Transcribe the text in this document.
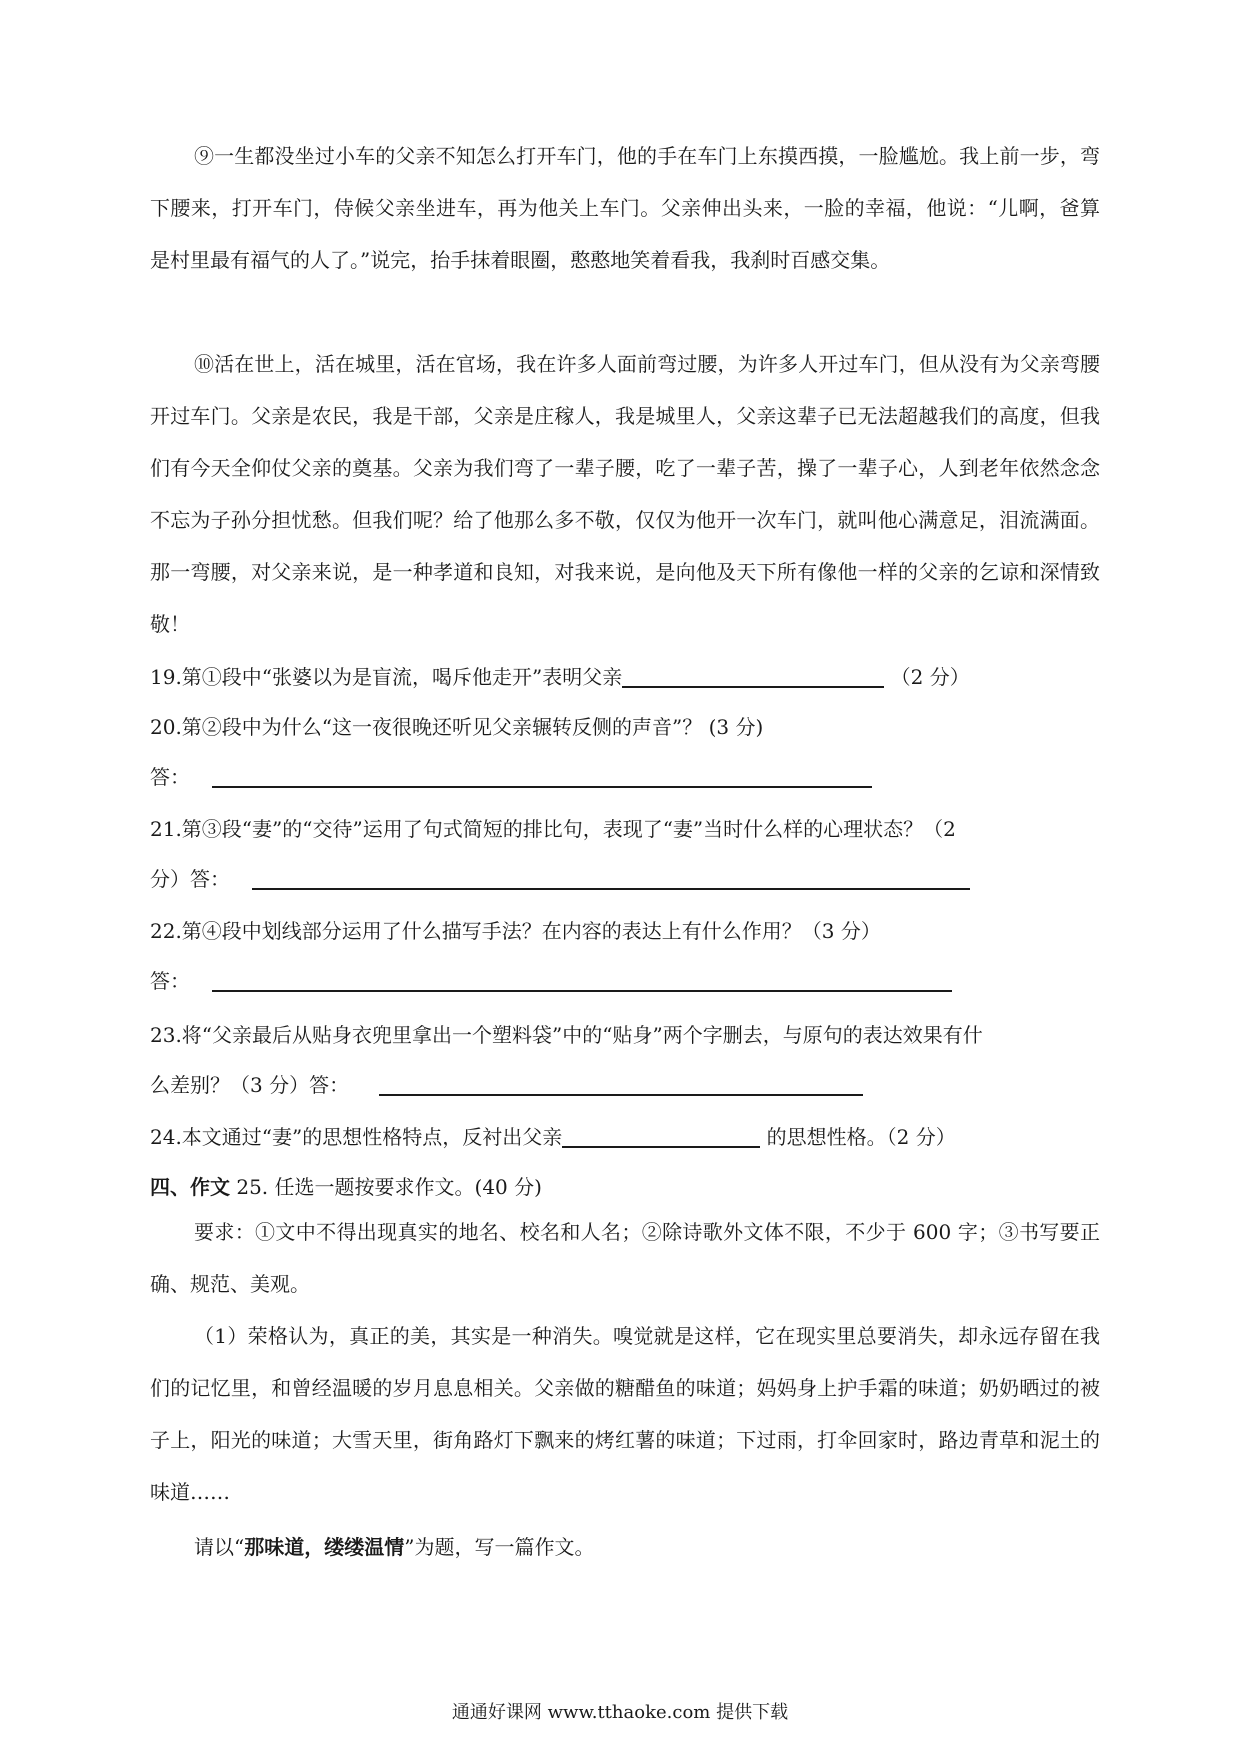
⑨一生都没坐过小车的父亲不知怎么打开车门，他的手在车门上东摸西摸，一脸尴尬。我上前一步，弯下腰来，打开车门，侍候父亲坐进车，再为他关上车门。父亲伸出头来，一脸的幸福，他说：“儿啊，爸算是村里最有福气的人了。”说完，抬手抹着眼圈，憨憨地笑着看我，我刹时百感交集。
⑩活在世上，活在城里，活在官场，我在许多人面前弯过腰，为许多人开过车门，但从没有为父亲弯腰开过车门。父亲是农民，我是干部，父亲是庄稼人，我是城里人，父亲这辈子已无法超越我们的高度，但我们有今天全仰仗父亲的奠基。父亲为我们弯了一辈子腰，吃了一辈子苦，操了一辈子心，人到老年依然念念不忘为子孙分担忧愁。但我们呢？给了他那么多不敬，仅仅为他开一次车门，就叫他心满意足，泪流满面。那一弯腰，对父亲来说，是一种孝道和良知，对我来说，是向他及天下所有像他一样的父亲的乞谅和深情致敬！
19.第①段中“张婆以为是盲流，喝斥他走开”表明父亲	（2 分）
20.第②段中为什么“这一夜很晚还听见父亲辗转反侧的声音”？ (3 分)
答：
21.第③段“妻”的“交待”运用了句式简短的排比句，表现了“妻”当时什么样的心理状态？（2
分）答：
22.第④段中划线部分运用了什么描写手法？在内容的表达上有什么作用？（3 分）
答：
23.将“父亲最后从贴身衣兜里拿出一个塑料袋”中的“贴身”两个字删去，与原句的表达效果有什
么差别？（3 分）答：
24.本文通过“妻”的思想性格特点，反衬出父亲	的思想性格。（2 分）
四、作文 25. 任选一题按要求作文。(40 分)
要求：①文中不得出现真实的地名、校名和人名；②除诗歌外文体不限，不少于 600 字；③书写要正确、规范、美观。
（1）荣格认为，真正的美，其实是一种消失。嗅觉就是这样，它在现实里总要消失，却永远存留在我们的记忆里，和曾经温暖的岁月息息相关。父亲做的糖醋鱼的味道；妈妈身上护手霜的味道；奶奶晒过的被子上，阳光的味道；大雪天里，街角路灯下飘来的烤红薯的味道；下过雨，打伞回家时，路边青草和泥土的味道……
请以“那味道，缕缕温情”为题，写一篇作文。
通通好课网 www.tthaoke.com 提供下载
